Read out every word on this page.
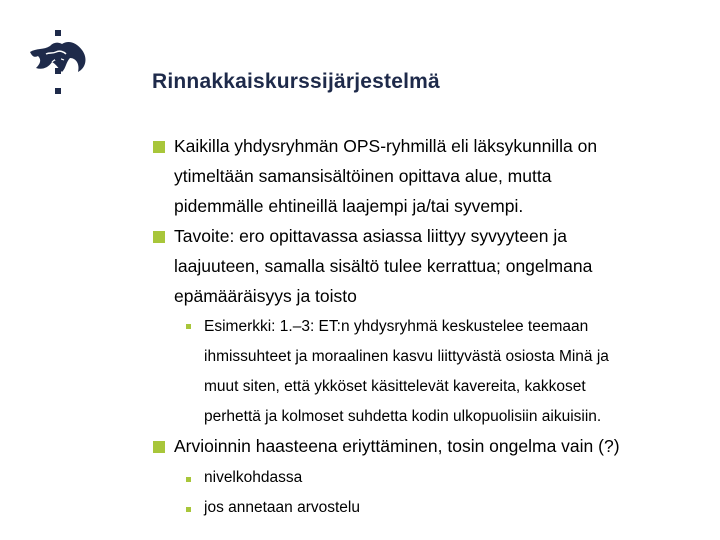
Rinnakkaiskurssijärjestelmä
Kaikilla yhdysryhmän OPS-ryhmillä eli läksykunnilla on
ytimeltään samansisältöinen opittava alue, mutta
pidemmälle ehtineillä laajempi ja/tai syvempi.
Tavoite: ero opittavassa asiassa liittyy syvyyteen ja
laajuuteen, samalla sisältö tulee kerrattua; ongelmana
epämääräisyys ja toisto
Esimerkki: 1.–3: ET:n yhdysryhmä keskustelee teemaan
ihmissuhteet ja moraalinen kasvu liittyvästä osiosta Minä ja
muut siten, että ykköset käsittelevät kavereita, kakkoset
perhettä ja kolmoset suhdetta kodin ulkopuolisiin aikuisiin.
Arvioinnin haasteena eriyttäminen, tosin ongelma vain (?)
nivelkohdassa
jos annetaan arvostelu
